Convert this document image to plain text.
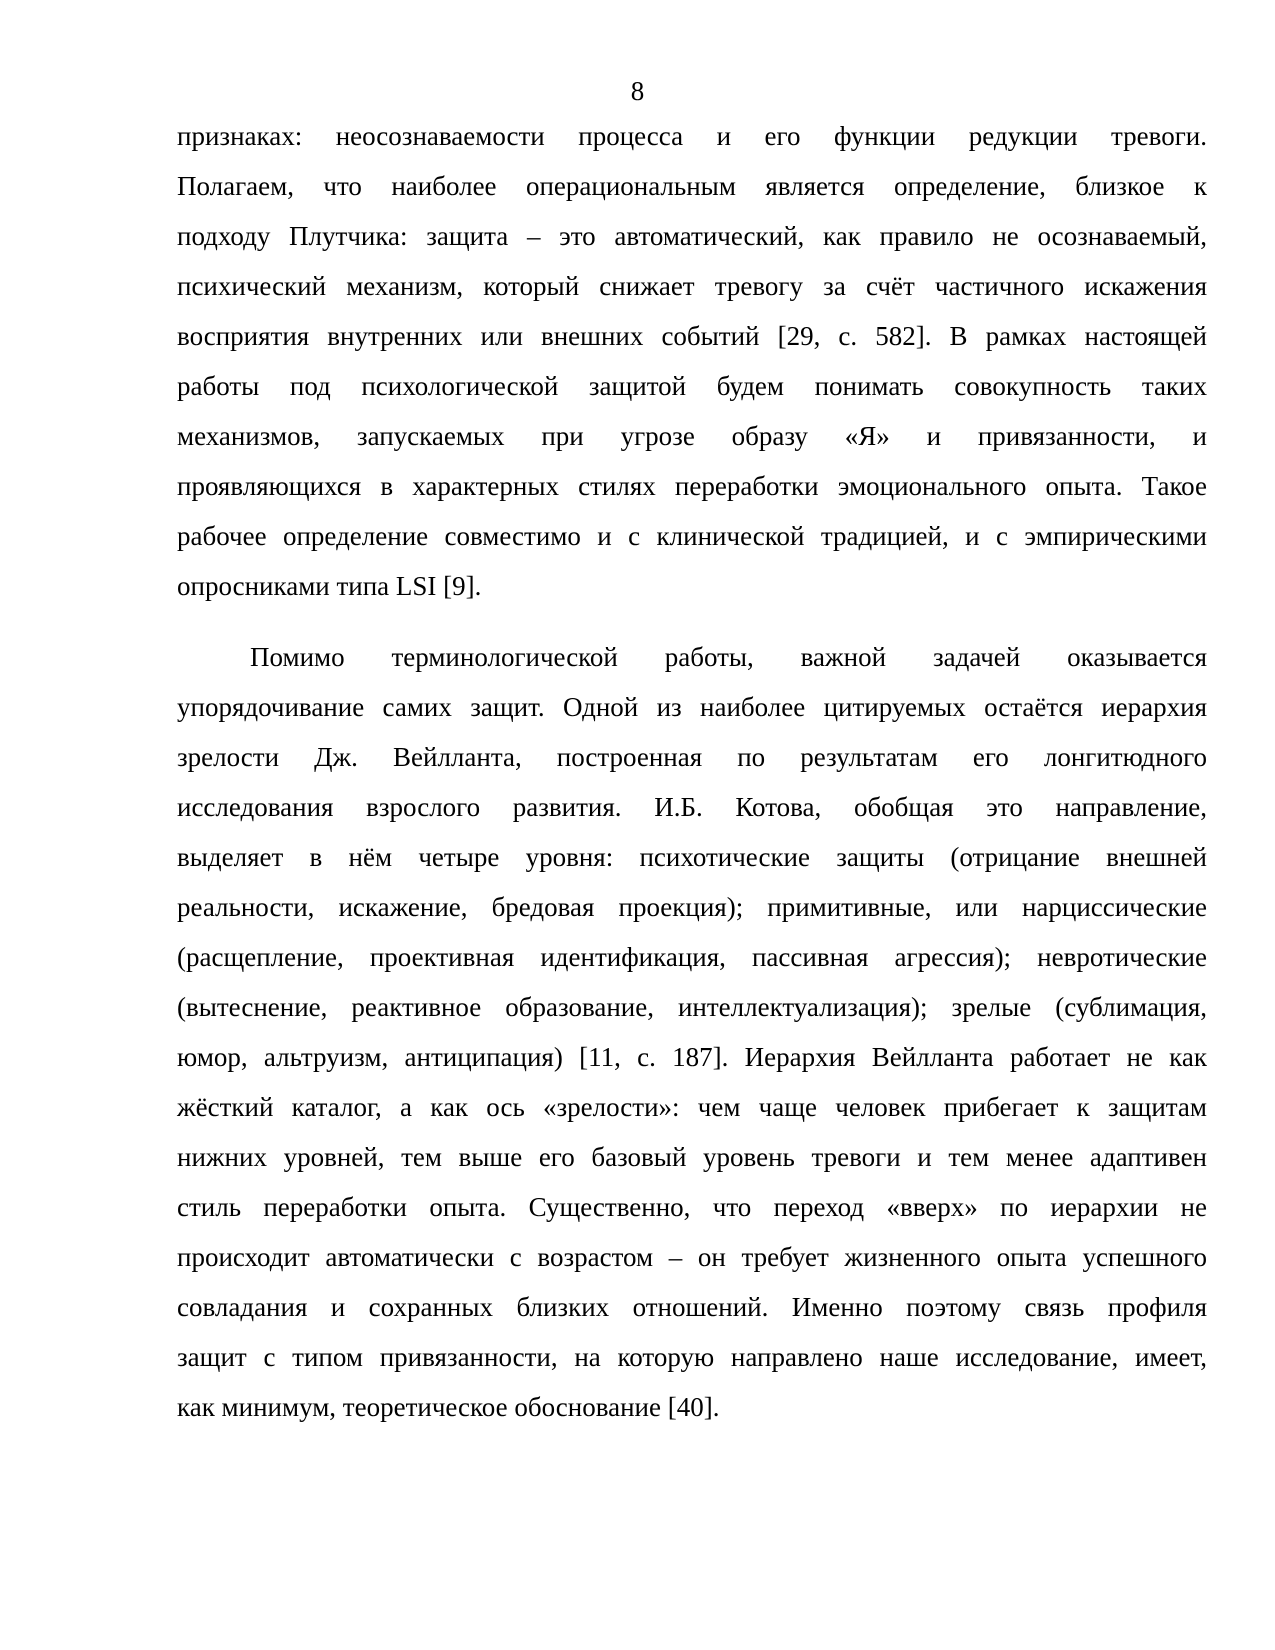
8
признаках: неосознаваемости процесса и его функции редукции тревоги.
Полагаем, что наиболее операциональным является определение, близкое к
подходу Плутчика: защита – это автоматический, как правило не осознаваемый,
психический механизм, который снижает тревогу за счёт частичного искажения
восприятия внутренних или внешних событий [29, с. 582]. В рамках настоящей
работы под психологической защитой будем понимать совокупность таких
механизмов, запускаемых при угрозе образу «Я» и привязанности, и
проявляющихся в характерных стилях переработки эмоционального опыта. Такое
рабочее определение совместимо и с клинической традицией, и с эмпирическими
опросниками типа LSI [9].
Помимо терминологической работы, важной задачей оказывается
упорядочивание самих защит. Одной из наиболее цитируемых остаётся иерархия
зрелости Дж. Вейлланта, построенная по результатам его лонгитюдного
исследования взрослого развития. И.Б. Котова, обобщая это направление,
выделяет в нём четыре уровня: психотические защиты (отрицание внешней
реальности, искажение, бредовая проекция); примитивные, или нарциссические
(расщепление, проективная идентификация, пассивная агрессия); невротические
(вытеснение, реактивное образование, интеллектуализация); зрелые (сублимация,
юмор, альтруизм, антиципация) [11, с. 187]. Иерархия Вейлланта работает не как
жёсткий каталог, а как ось «зрелости»: чем чаще человек прибегает к защитам
нижних уровней, тем выше его базовый уровень тревоги и тем менее адаптивен
стиль переработки опыта. Существенно, что переход «вверх» по иерархии не
происходит автоматически с возрастом – он требует жизненного опыта успешного
совладания и сохранных близких отношений. Именно поэтому связь профиля
защит с типом привязанности, на которую направлено наше исследование, имеет,
как минимум, теоретическое обоснование [40].
